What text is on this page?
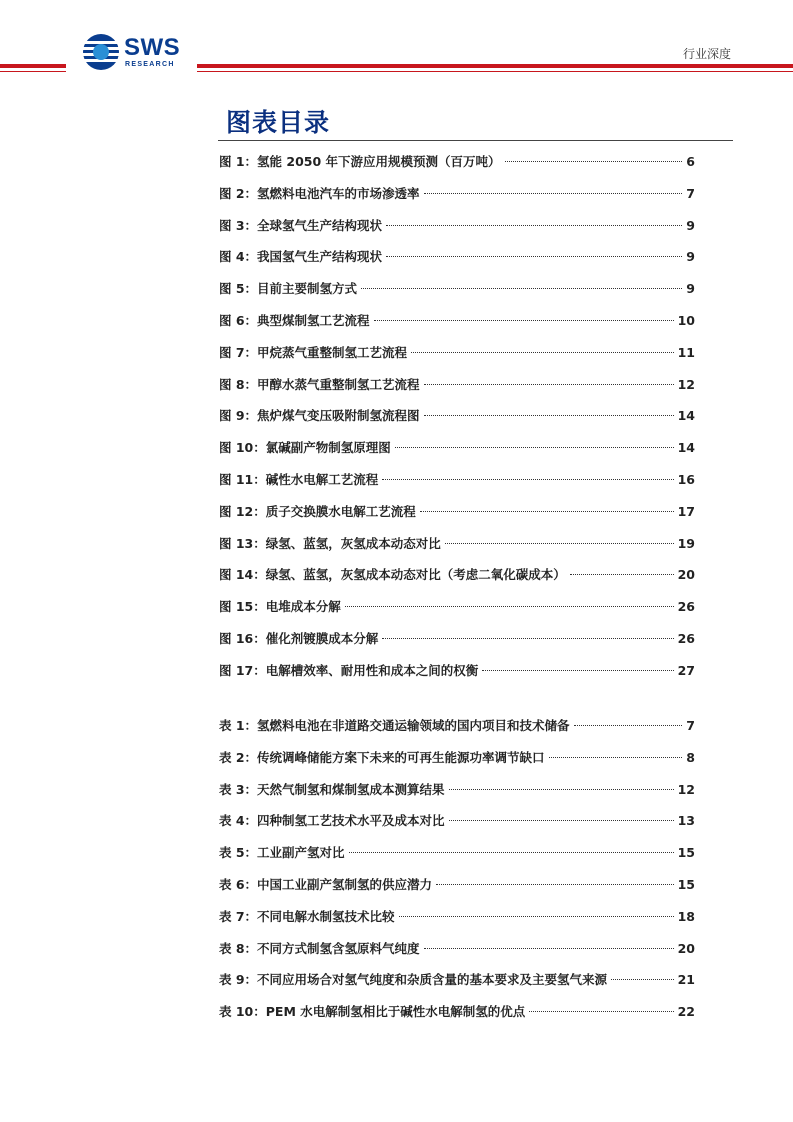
SWS
RESEARCH
行业深度
图表目录
图 1：氢能 2050 年下游应用规模预测（百万吨）	6
图 2：氢燃料电池汽车的市场渗透率	7
图 3：全球氢气生产结构现状	9
图 4：我国氢气生产结构现状	9
图 5：目前主要制氢方式	9
图 6：典型煤制氢工艺流程	10
图 7：甲烷蒸气重整制氢工艺流程	11
图 8：甲醇水蒸气重整制氢工艺流程	12
图 9：焦炉煤气变压吸附制氢流程图	14
图 10：氯碱副产物制氢原理图	14
图 11：碱性水电解工艺流程	16
图 12：质子交换膜水电解工艺流程	17
图 13：绿氢、蓝氢，灰氢成本动态对比	19
图 14：绿氢、蓝氢，灰氢成本动态对比（考虑二氧化碳成本）	20
图 15：电堆成本分解	26
图 16：催化剂镀膜成本分解	26
图 17：电解槽效率、耐用性和成本之间的权衡	27
表 1：氢燃料电池在非道路交通运输领域的国内项目和技术储备	7
表 2：传统调峰储能方案下未来的可再生能源功率调节缺口	8
表 3：天然气制氢和煤制氢成本测算结果	12
表 4：四种制氢工艺技术水平及成本对比	13
表 5：工业副产氢对比	15
表 6：中国工业副产氢制氢的供应潜力	15
表 7：不同电解水制氢技术比较	18
表 8：不同方式制氢含氢原料气纯度	20
表 9：不同应用场合对氢气纯度和杂质含量的基本要求及主要氢气来源	21
表 10：PEM 水电解制氢相比于碱性水电解制氢的优点	22
